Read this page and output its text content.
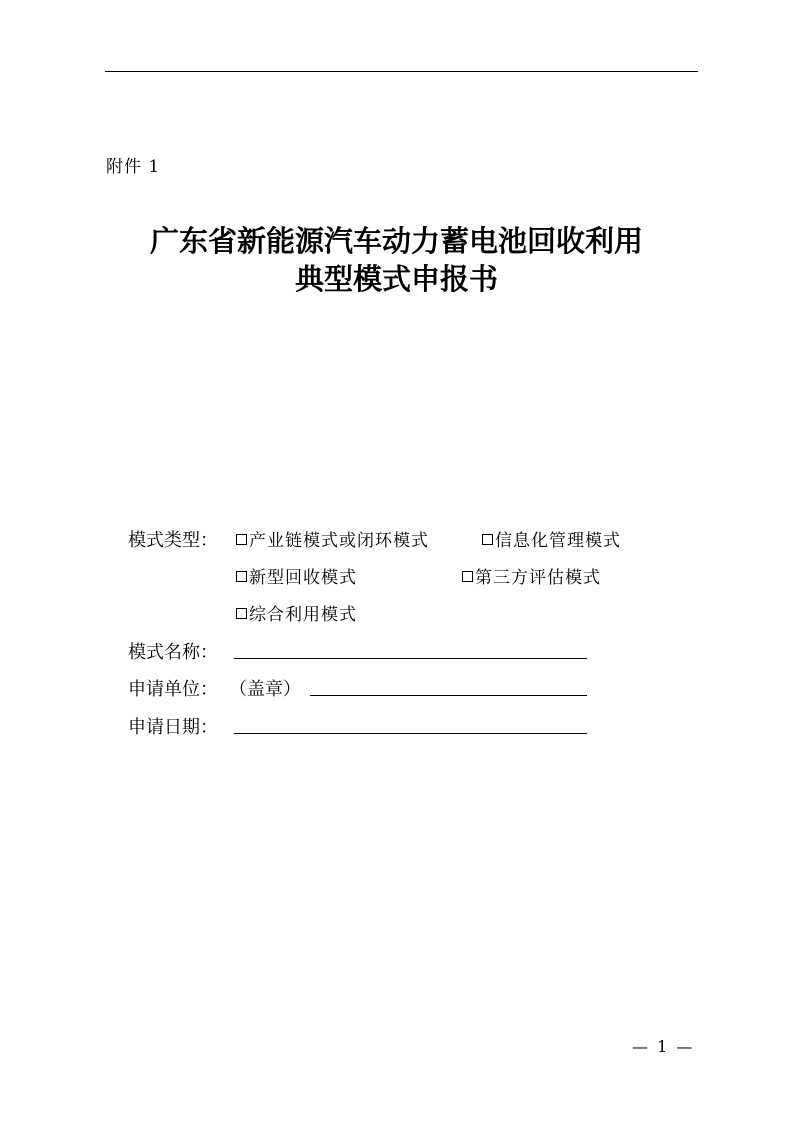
附件 1
广东省新能源汽车动力蓄电池回收利用
典型模式申报书
模式类型：	产业链模式或闭环模式	信息化管理模式
新型回收模式	第三方评估模式
综合利用模式
模式名称：
申请单位： （盖章）
申请日期：
— 1 —
